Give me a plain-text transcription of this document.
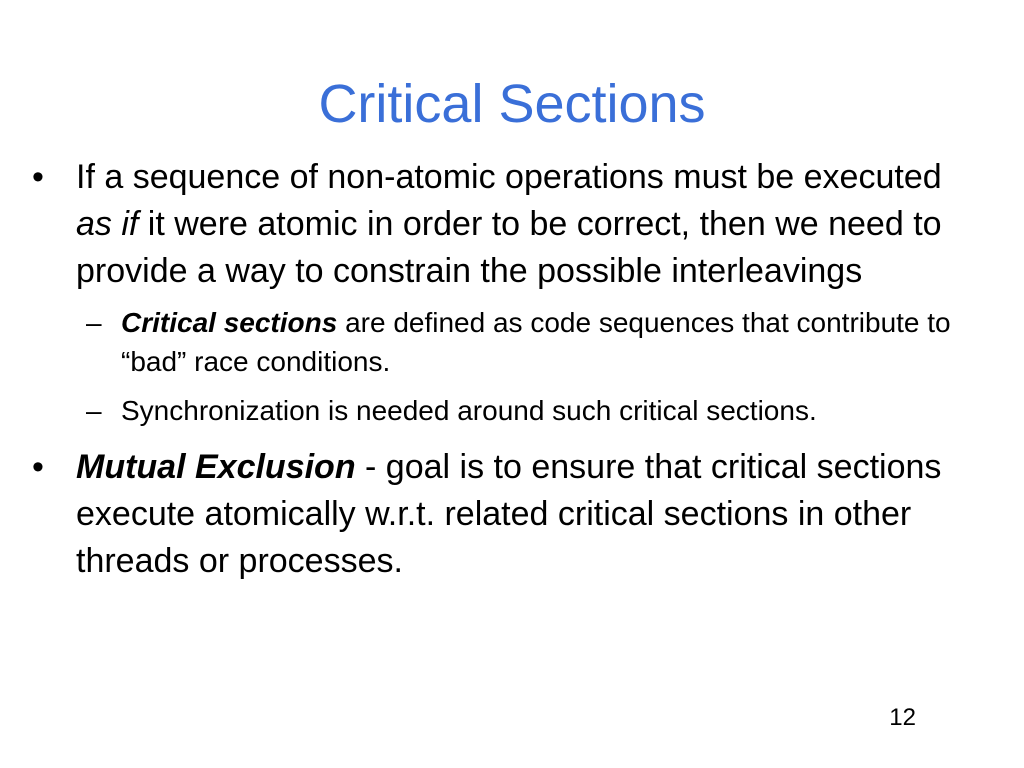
Critical Sections

• If a sequence of non-atomic operations must be executed as if it were atomic in order to be correct, then we need to provide a way to constrain the possible interleavings

– Critical sections are defined as code sequences that contribute to “bad” race conditions.

– Synchronization is needed around such critical sections.

• Mutual Exclusion - goal is to ensure that critical sections execute atomically w.r.t. related critical sections in other threads or processes.

12
